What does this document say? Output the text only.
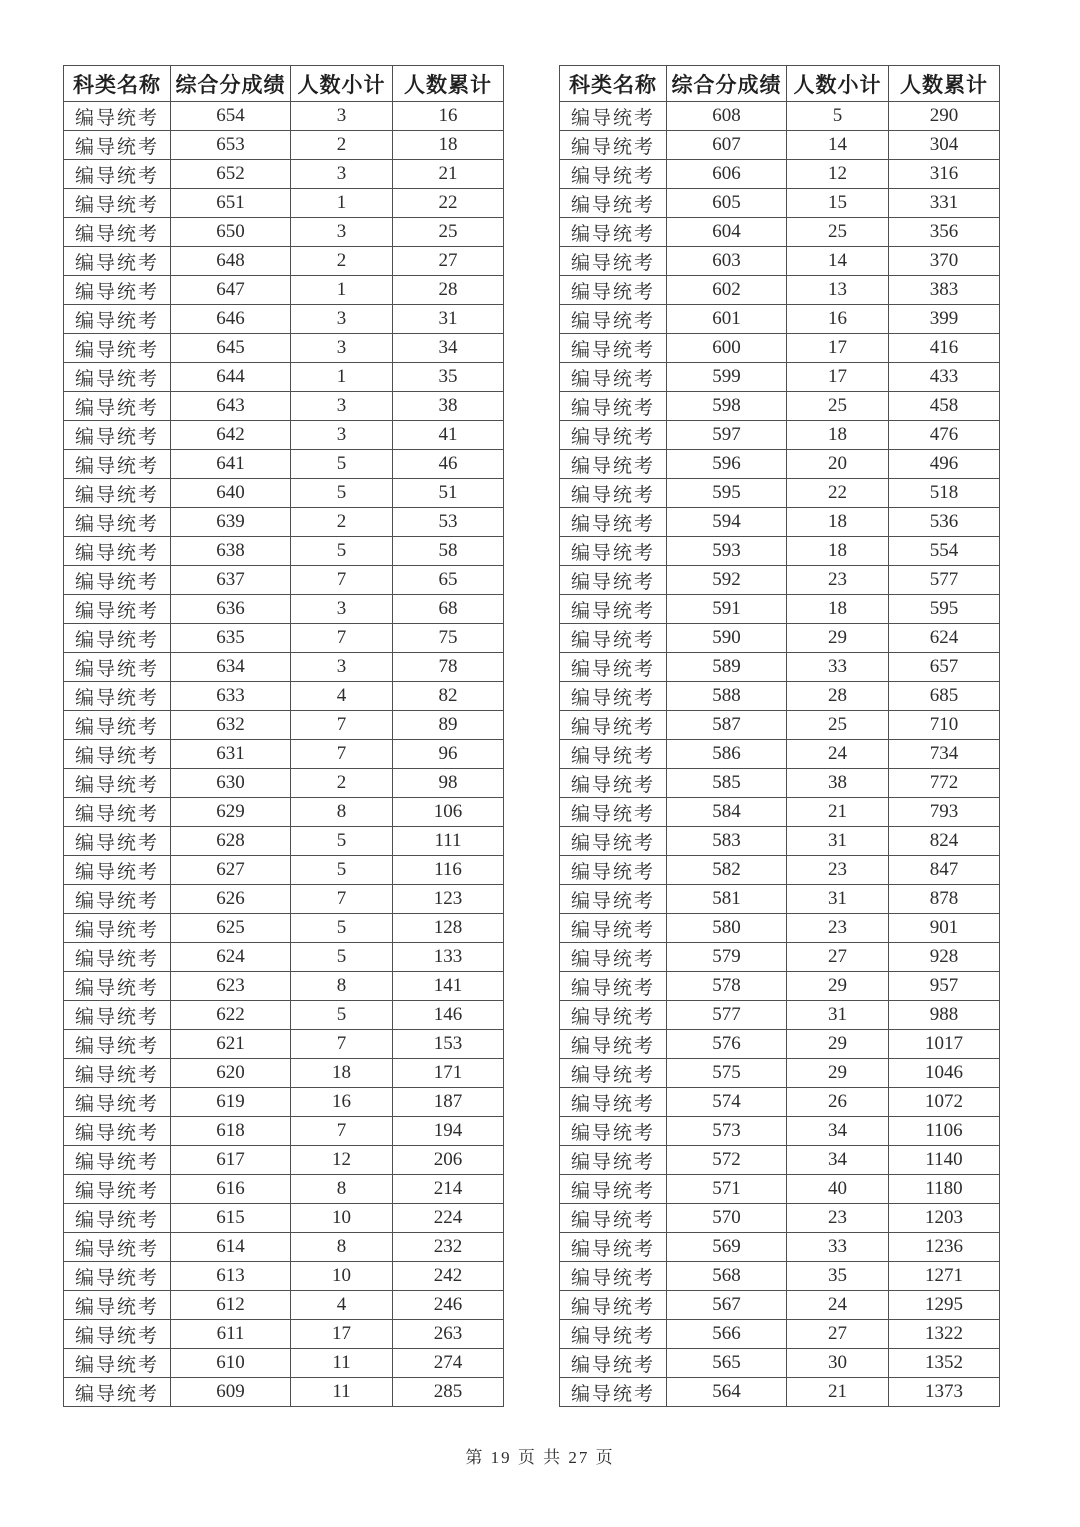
科类名称	综合分成绩	人数小计	人数累计
编导统考	654	3	16
编导统考	653	2	18
编导统考	652	3	21
编导统考	651	1	22
编导统考	650	3	25
编导统考	648	2	27
编导统考	647	1	28
编导统考	646	3	31
编导统考	645	3	34
编导统考	644	1	35
编导统考	643	3	38
编导统考	642	3	41
编导统考	641	5	46
编导统考	640	5	51
编导统考	639	2	53
编导统考	638	5	58
编导统考	637	7	65
编导统考	636	3	68
编导统考	635	7	75
编导统考	634	3	78
编导统考	633	4	82
编导统考	632	7	89
编导统考	631	7	96
编导统考	630	2	98
编导统考	629	8	106
编导统考	628	5	111
编导统考	627	5	116
编导统考	626	7	123
编导统考	625	5	128
编导统考	624	5	133
编导统考	623	8	141
编导统考	622	5	146
编导统考	621	7	153
编导统考	620	18	171
编导统考	619	16	187
编导统考	618	7	194
编导统考	617	12	206
编导统考	616	8	214
编导统考	615	10	224
编导统考	614	8	232
编导统考	613	10	242
编导统考	612	4	246
编导统考	611	17	263
编导统考	610	11	274
编导统考	609	11	285
科类名称	综合分成绩	人数小计	人数累计
编导统考	608	5	290
编导统考	607	14	304
编导统考	606	12	316
编导统考	605	15	331
编导统考	604	25	356
编导统考	603	14	370
编导统考	602	13	383
编导统考	601	16	399
编导统考	600	17	416
编导统考	599	17	433
编导统考	598	25	458
编导统考	597	18	476
编导统考	596	20	496
编导统考	595	22	518
编导统考	594	18	536
编导统考	593	18	554
编导统考	592	23	577
编导统考	591	18	595
编导统考	590	29	624
编导统考	589	33	657
编导统考	588	28	685
编导统考	587	25	710
编导统考	586	24	734
编导统考	585	38	772
编导统考	584	21	793
编导统考	583	31	824
编导统考	582	23	847
编导统考	581	31	878
编导统考	580	23	901
编导统考	579	27	928
编导统考	578	29	957
编导统考	577	31	988
编导统考	576	29	1017
编导统考	575	29	1046
编导统考	574	26	1072
编导统考	573	34	1106
编导统考	572	34	1140
编导统考	571	40	1180
编导统考	570	23	1203
编导统考	569	33	1236
编导统考	568	35	1271
编导统考	567	24	1295
编导统考	566	27	1322
编导统考	565	30	1352
编导统考	564	21	1373
第 19 页 共 27 页
